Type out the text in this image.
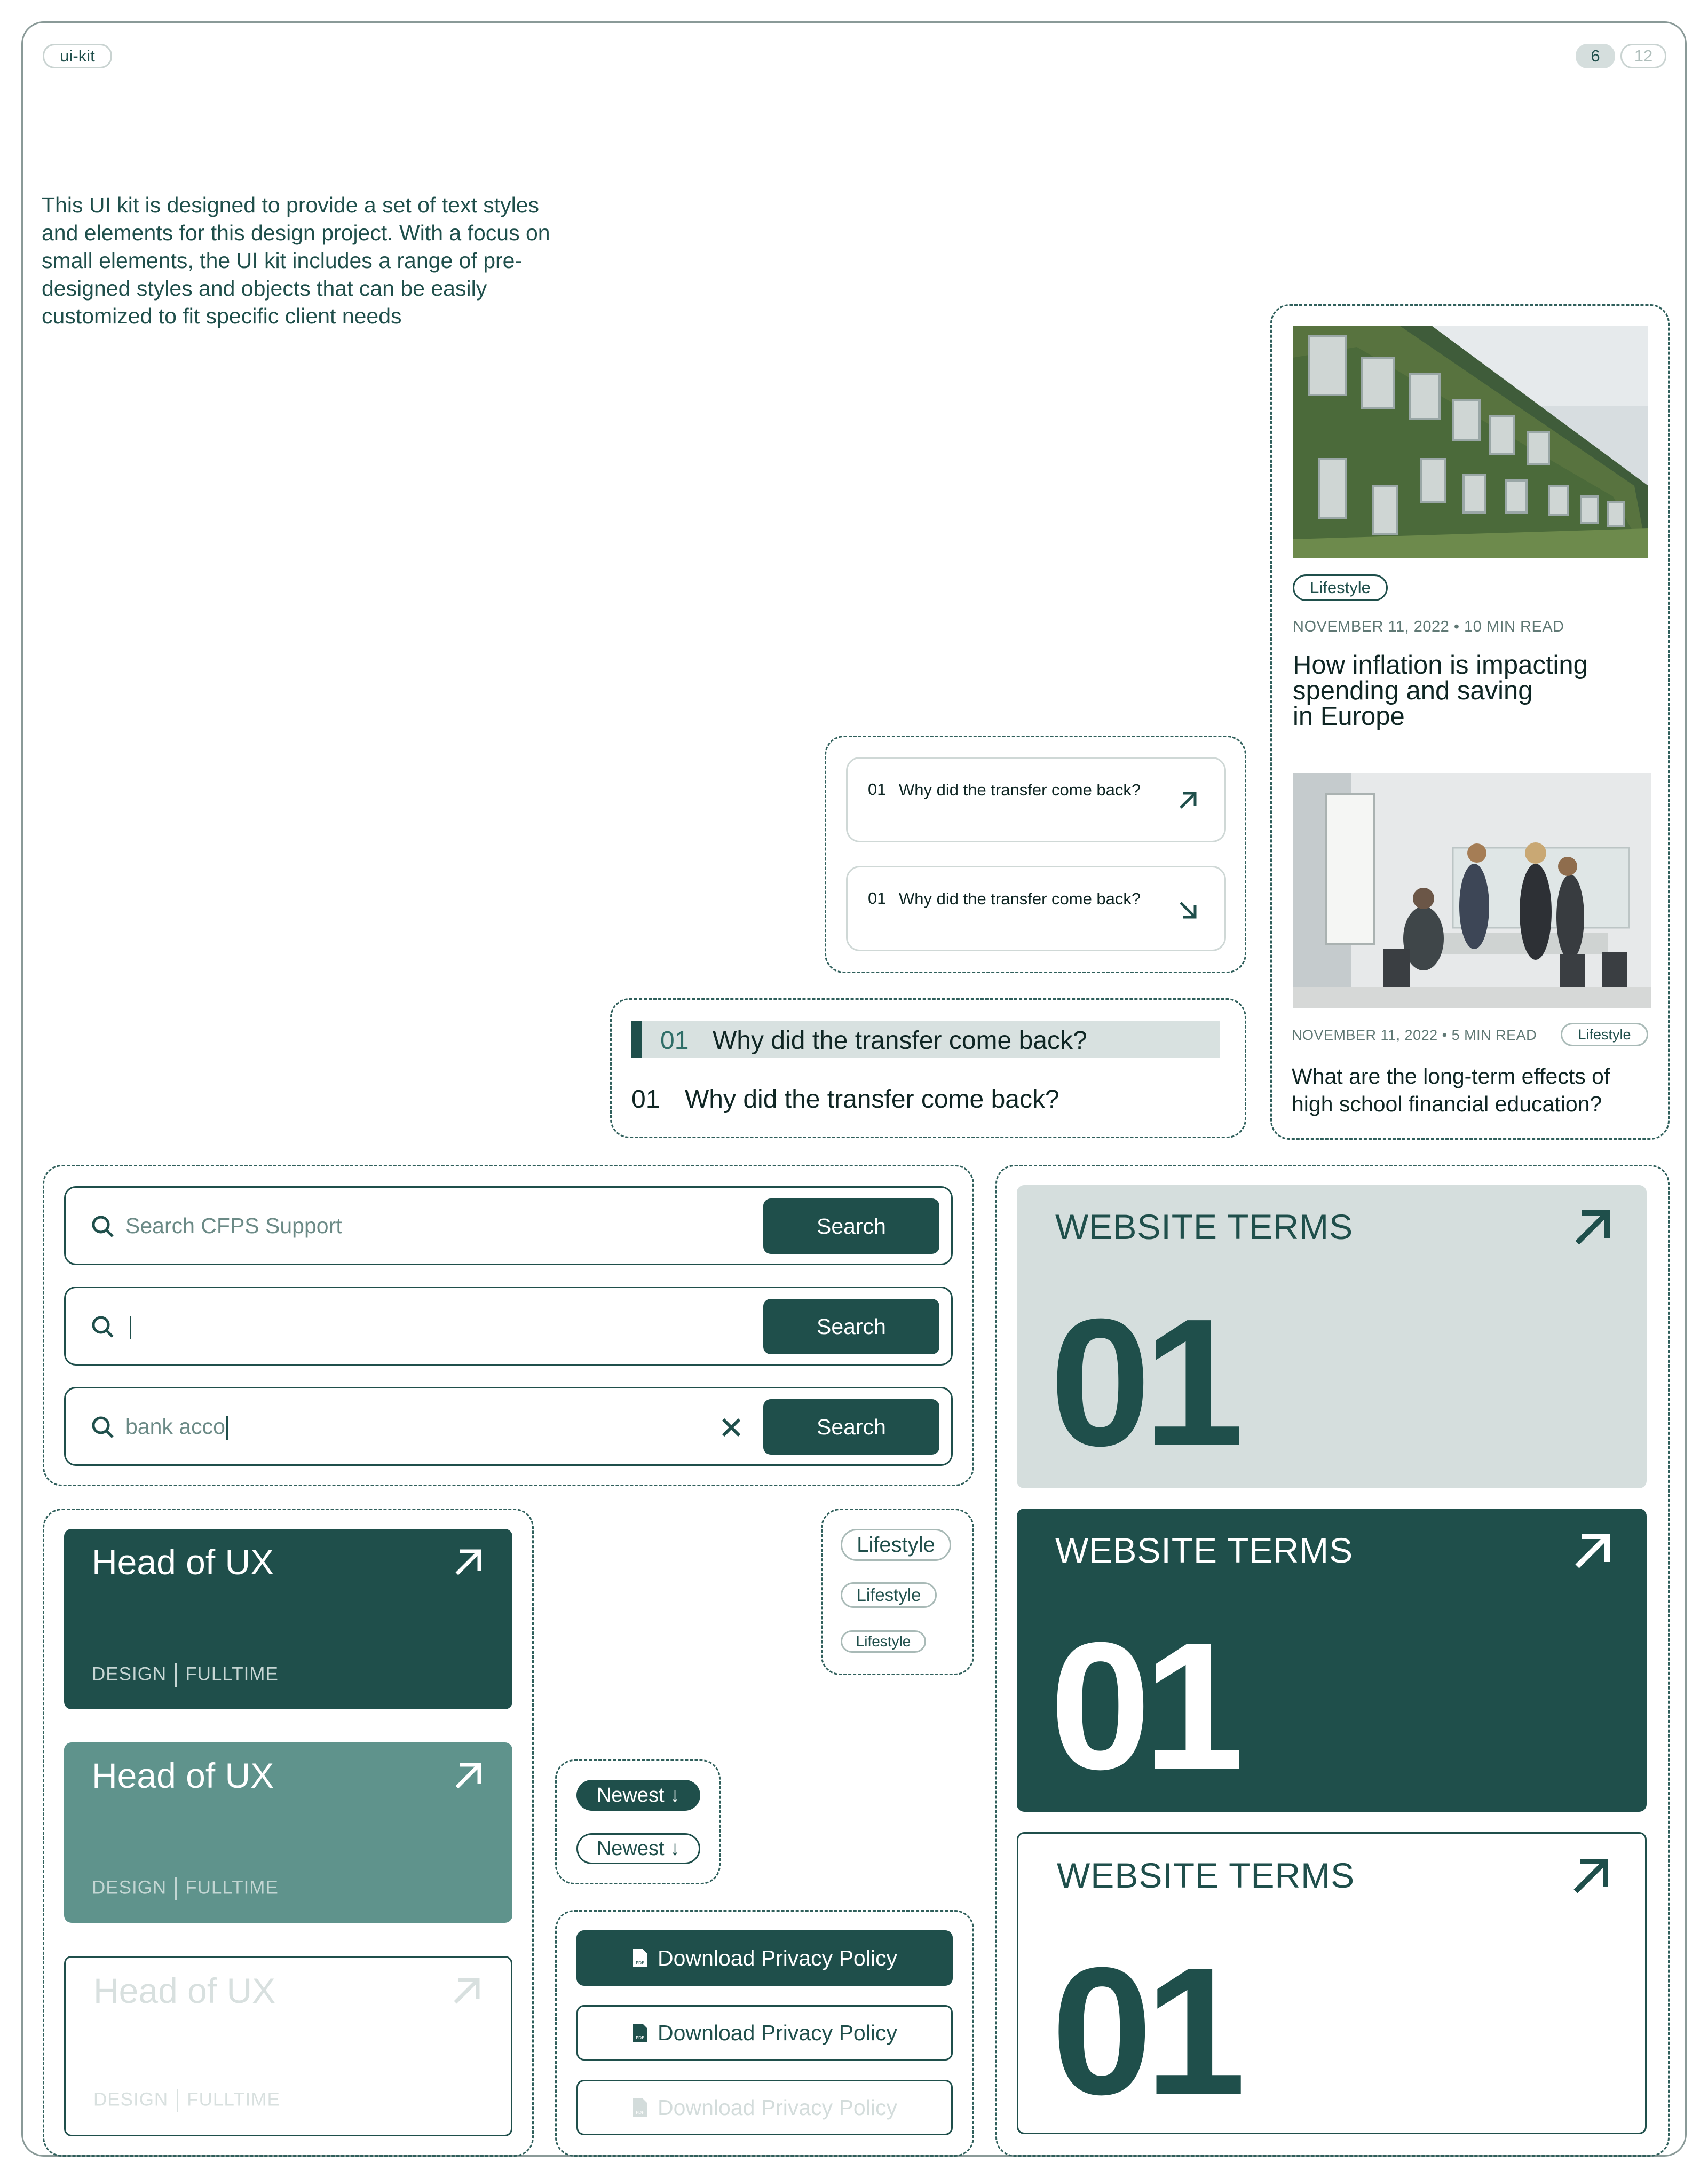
ui-kit	6	12
This UI kit is designed to provide a set of text styles and elements for this design project. With a focus on small elements, the UI kit includes a range of pre-designed styles and objects that can be easily customized to fit specific client needs
Lifestyle
NOVEMBER 11, 2022 • 10 MIN READ
How inflation is impacting
spending and saving
in Europe
NOVEMBER 11, 2022 • 5 MIN READ	Lifestyle
What are the long-term effects of
high school financial education?
01 Why did the transfer come back?
01 Why did the transfer come back?
01 Why did the transfer come back?
01 Why did the transfer come back?
Search CFPS Support	Search
Search
bank acco	Search
Head of UX
DESIGN FULLTIME
Head of UX
DESIGN FULLTIME
Head of UX
DESIGN FULLTIME
Lifestyle
Lifestyle
Lifestyle
Newest ↓
Newest ↓
PDF Download Privacy Policy
PDF Download Privacy Policy
PDF Download Privacy Policy
WEBSITE TERMS
01
WEBSITE TERMS
01
WEBSITE TERMS
01
